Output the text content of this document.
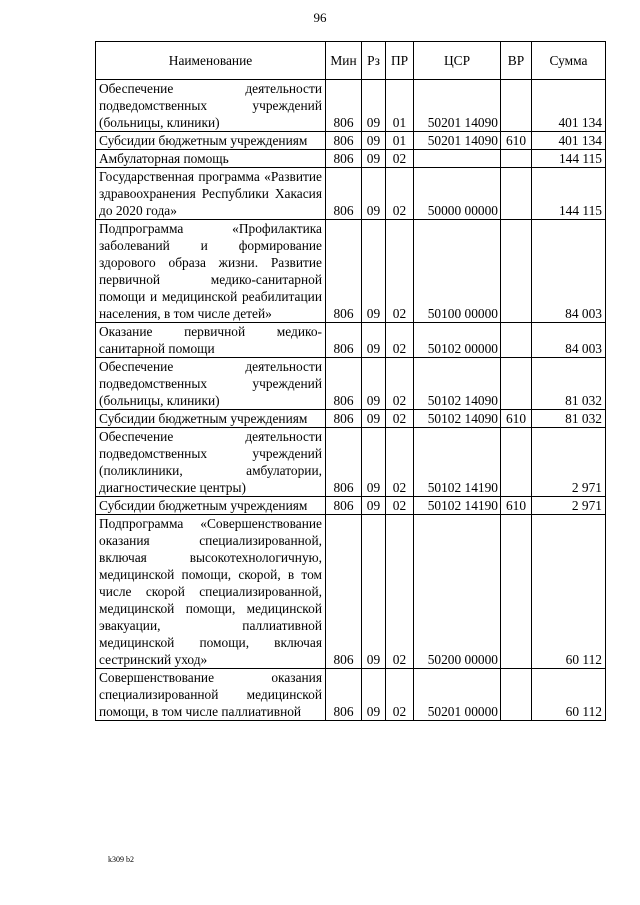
96
Наименование	Мин	Рз	ПР	ЦСР	ВР	Сумма
Обеспечение деятельности подведомственных учреждений (больницы, клиники)	806	09	01	50201 14090		401 134
Субсидии бюджетным учреждениям	806	09	01	50201 14090	610	401 134
Амбулаторная помощь	806	09	02			144 115
Государственная программа «Развитие здравоохранения Республики Хакасия до 2020 года»	806	09	02	50000 00000		144 115
Подпрограмма «Профилактика заболеваний и формирование здорового образа жизни. Развитие первичной медико-санитарной помощи и медицинской реабилитации населения, в том числе детей»	806	09	02	50100 00000		84 003
Оказание первичной медико-санитарной помощи	806	09	02	50102 00000		84 003
Обеспечение деятельности подведомственных учреждений (больницы, клиники)	806	09	02	50102 14090		81 032
Субсидии бюджетным учреждениям	806	09	02	50102 14090	610	81 032
Обеспечение деятельности подведомственных учреждений (поликлиники, амбулатории, диагностические центры)	806	09	02	50102 14190		2 971
Субсидии бюджетным учреждениям	806	09	02	50102 14190	610	2 971
Подпрограмма «Совершенствование оказания специализированной, включая высокотехнологичную, медицинской помощи, скорой, в том числе скорой специализированной, медицинской помощи, медицинской эвакуации, паллиативной медицинской помощи, включая сестринский уход»	806	09	02	50200 00000		60 112
Совершенствование оказания специализированной медицинской помощи, в том числе паллиативной	806	09	02	50201 00000		60 112
k309 b2
